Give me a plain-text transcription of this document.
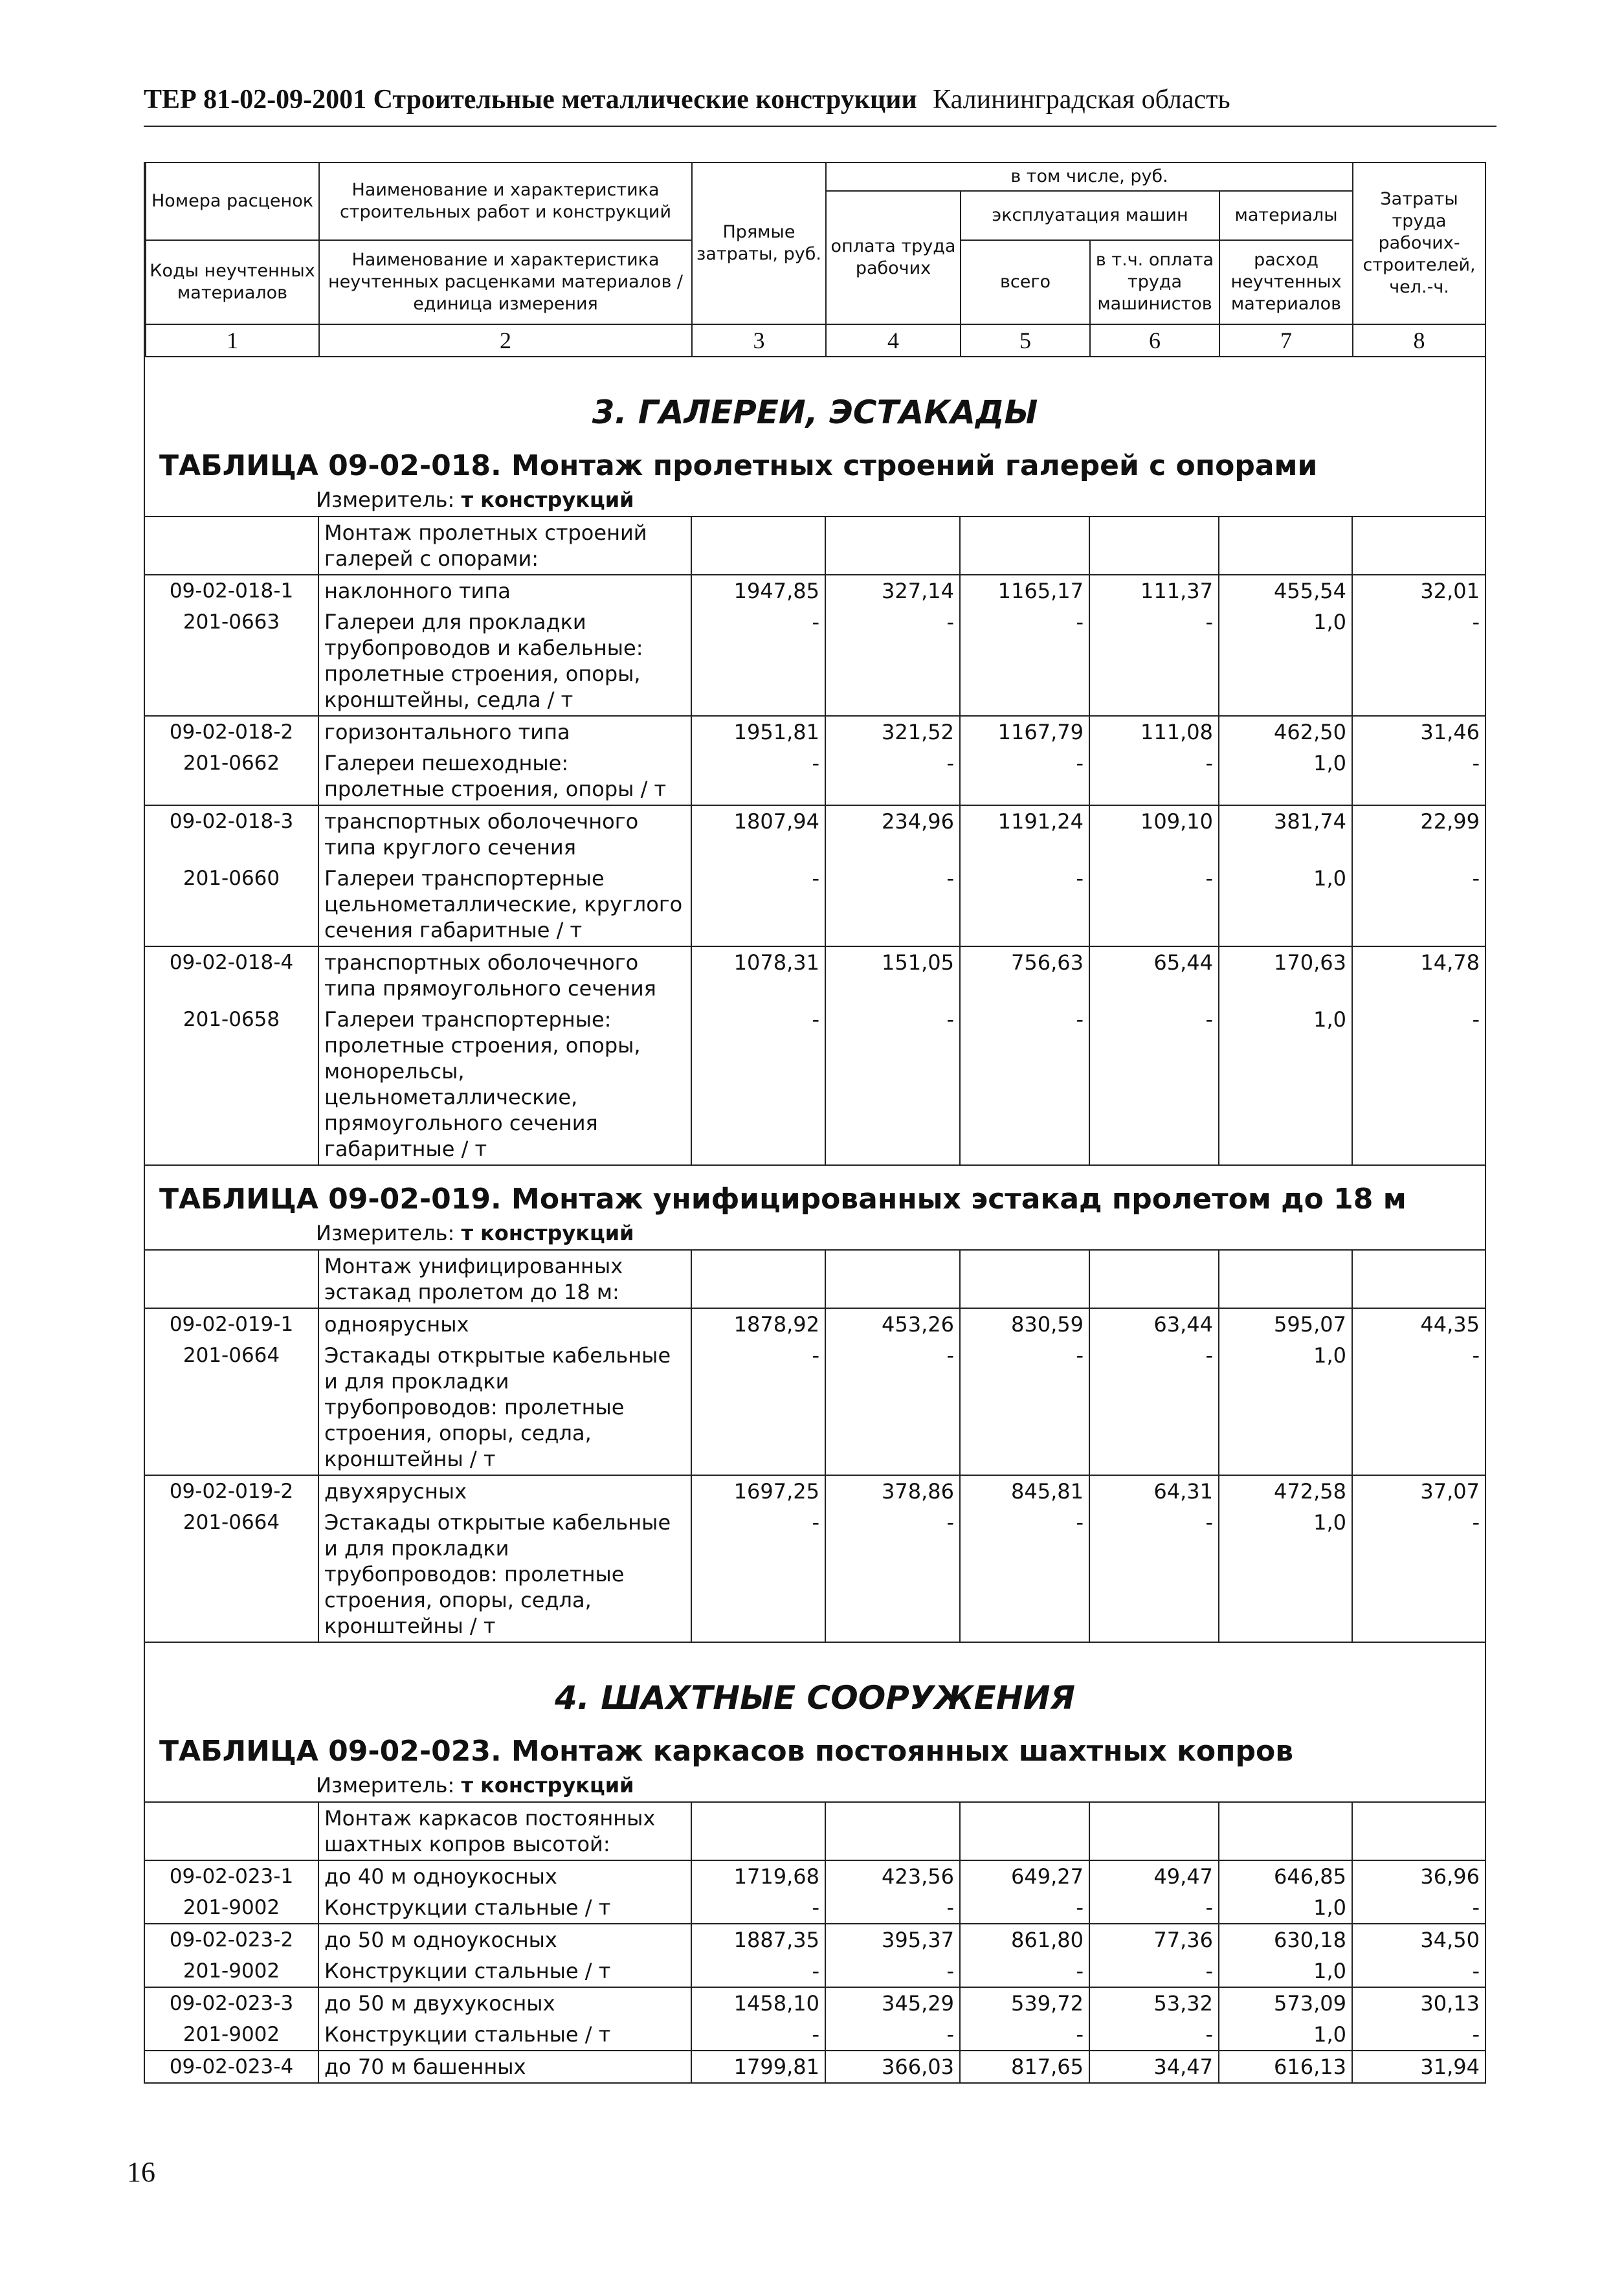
ТЕР 81-02-09-2001 Строительные металлические конструкции Калининградская область
Номера расценок	Наименование и характеристика строительных работ и конструкций	Прямые затраты, руб.	в том числе, руб.				Затраты труда рабочих-строителей, чел.-ч.
			оплата труда рабочих	эксплуатация машин		материалы	
Коды неучтенных материалов	Наименование и характеристика неучтенных расценками материалов / единица измерения			всего	в т.ч. оплата труда машинистов	расход неучтенных материалов	

1	2	3	4	5	6	7	8
3. ГАЛЕРЕИ, ЭСТАКАДЫ
ТАБЛИЦА 09-02-018. Монтаж пролетных строений галерей с опорами
Измеритель: т конструкций
	Монтаж пролетных строений галерей с опорами:						
09-02-018-1	наклонного типа	1947,85	327,14	1165,17	111,37	455,54	32,01
201-0663	Галереи для прокладки трубопроводов и кабельные: пролетные строения, опоры, кронштейны, седла / т	-	-	-	-	1,0	-
09-02-018-2	горизонтального типа	1951,81	321,52	1167,79	111,08	462,50	31,46
201-0662	Галереи пешеходные: пролетные строения, опоры / т	-	-	-	-	1,0	-
09-02-018-3	транспортных оболочечного типа круглого сечения	1807,94	234,96	1191,24	109,10	381,74	22,99
201-0660	Галереи транспортерные цельнометаллические, круглого сечения габаритные / т	-	-	-	-	1,0	-
09-02-018-4	транспортных оболочечного типа прямоугольного сечения	1078,31	151,05	756,63	65,44	170,63	14,78
201-0658	Галереи транспортерные: пролетные строения, опоры, монорельсы, цельнометаллические, прямоугольного сечения габаритные / т	-	-	-	-	1,0	-
ТАБЛИЦА 09-02-019. Монтаж унифицированных эстакад пролетом до 18 м
Измеритель: т конструкций
	Монтаж унифицированных эстакад пролетом до 18 м:						
09-02-019-1	одноярусных	1878,92	453,26	830,59	63,44	595,07	44,35
201-0664	Эстакады открытые кабельные и для прокладки трубопроводов: пролетные строения, опоры, седла, кронштейны / т	-	-	-	-	1,0	-
09-02-019-2	двухярусных	1697,25	378,86	845,81	64,31	472,58	37,07
201-0664	Эстакады открытые кабельные и для прокладки трубопроводов: пролетные строения, опоры, седла, кронштейны / т	-	-	-	-	1,0	-
4. ШАХТНЫЕ СООРУЖЕНИЯ
ТАБЛИЦА 09-02-023. Монтаж каркасов постоянных шахтных копров
Измеритель: т конструкций
	Монтаж каркасов постоянных шахтных копров высотой:						
09-02-023-1	до 40 м одноукосных	1719,68	423,56	649,27	49,47	646,85	36,96
201-9002	Конструкции стальные / т	-	-	-	-	1,0	-
09-02-023-2	до 50 м одноукосных	1887,35	395,37	861,80	77,36	630,18	34,50
201-9002	Конструкции стальные / т	-	-	-	-	1,0	-
09-02-023-3	до 50 м двухукосных	1458,10	345,29	539,72	53,32	573,09	30,13
201-9002	Конструкции стальные / т	-	-	-	-	1,0	-
09-02-023-4	до 70 м башенных	1799,81	366,03	817,65	34,47	616,13	31,94
16
